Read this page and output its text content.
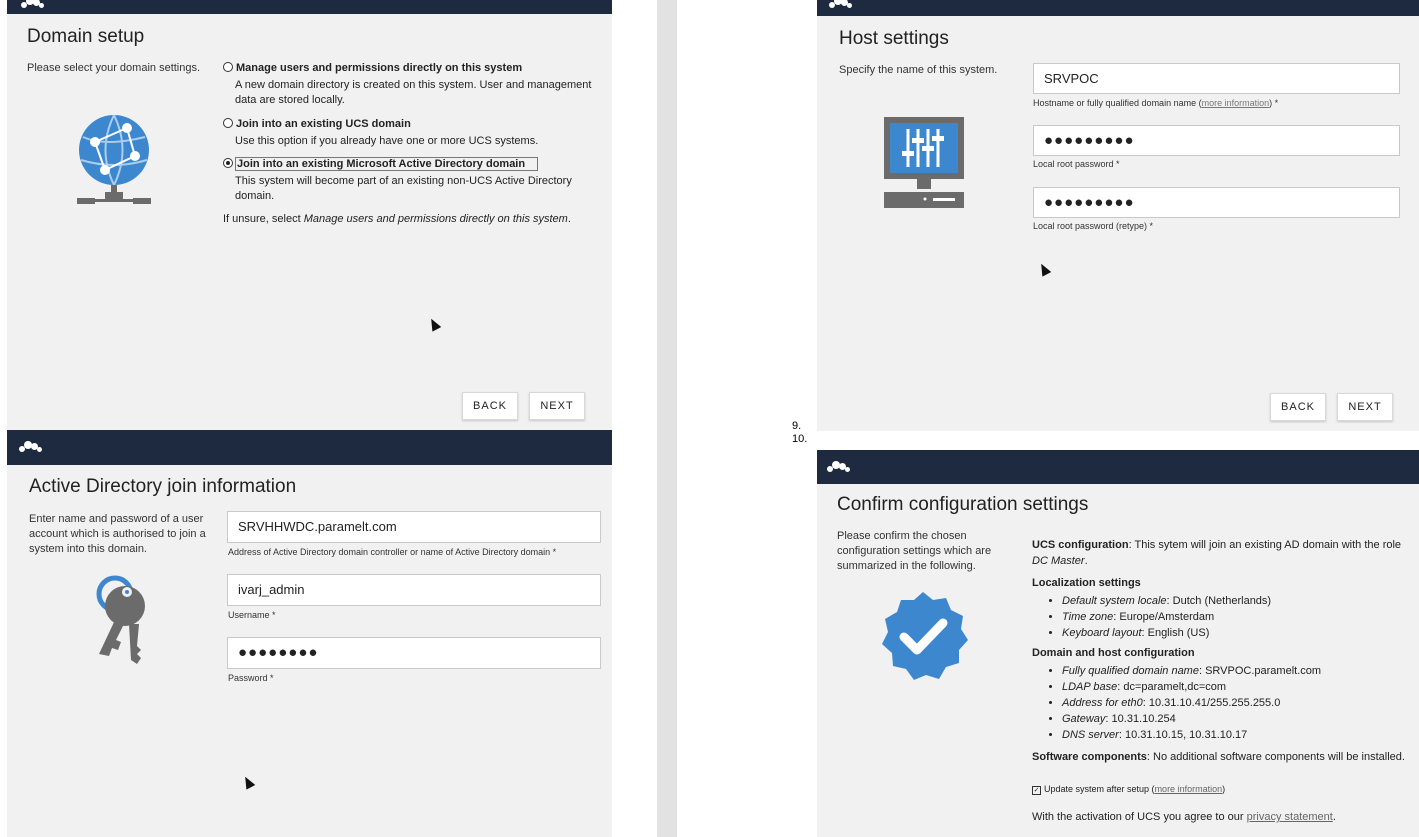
Domain setup
Please select your domain settings.	Manage users and permissions directly on this system
A new domain directory is created on this system. User and management data are stored locally.
Join into an existing UCS domain
Use this option if you already have one or more UCS systems.
Join into an existing Microsoft Active Directory domain
This system will become part of an existing non-UCS Active Directory domain.
If unsure, select Manage users and permissions directly on this system.
BACK	NEXT
Host settings
Specify the name of this system.
SRVPOC
Hostname or fully qualified domain name (more information) *
●●●●●●●●●
Local root password *
●●●●●●●●●
Local root password (retype) *
BACK	NEXT
9.
10.
Active Directory join information
Enter name and password of a user account which is authorised to join a system into this domain.
SRVHHWDC.paramelt.com
Address of Active Directory domain controller or name of Active Directory domain *
ivarj_admin
Username *
●●●●●●●●
Password *
Confirm configuration settings
Please confirm the chosen configuration settings which are summarized in the following.

UCS configuration: This sytem will join an existing AD domain with the role DC Master.

Localization settings
• Default system locale: Dutch (Netherlands)
• Time zone: Europe/Amsterdam
• Keyboard layout: English (US)
Domain and host configuration
• Fully qualified domain name: SRVPOC.paramelt.com
• LDAP base: dc=paramelt,dc=com
• Address for eth0: 10.31.10.41/255.255.255.0
• Gateway: 10.31.10.254
• DNS server: 10.31.10.15, 10.31.10.17

Software components: No additional software components will be installed.

✓ Update system after setup (more information)
With the activation of UCS you agree to our privacy statement.
